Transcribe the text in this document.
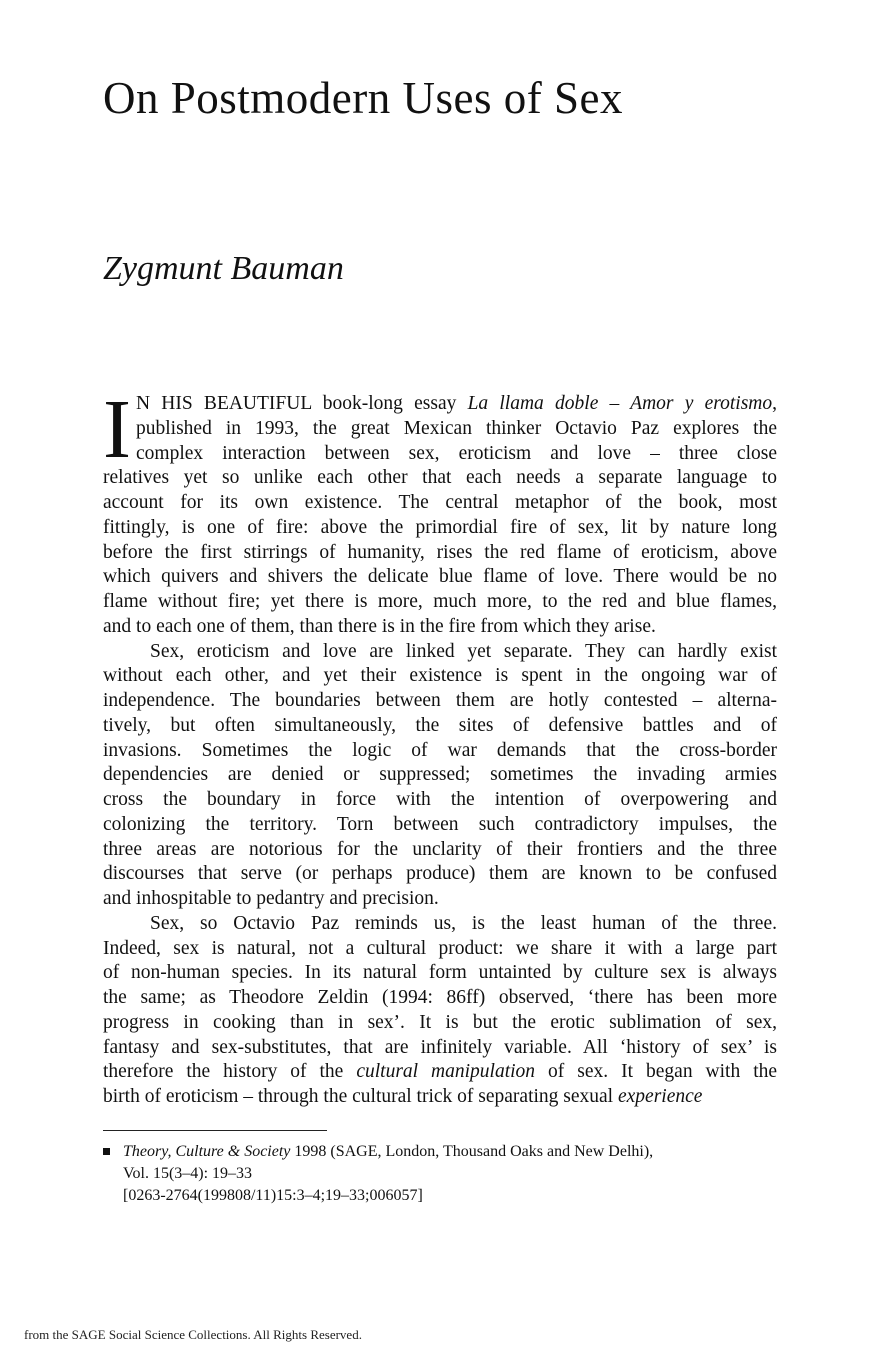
On Postmodern Uses of Sex
Zygmunt Bauman
I N HIS BEAUTIFUL book-long essay La llama doble – Amor y erotismo,
published in 1993, the great Mexican thinker Octavio Paz explores the
complex interaction between sex, eroticism and love – three close
relatives yet so unlike each other that each needs a separate language to
account for its own existence. The central metaphor of the book, most
fittingly, is one of fire: above the primordial fire of sex, lit by nature long
before the first stirrings of humanity, rises the red flame of eroticism, above
which quivers and shivers the delicate blue flame of love. There would be no
flame without fire; yet there is more, much more, to the red and blue flames,
and to each one of them, than there is in the fire from which they arise.
Sex, eroticism and love are linked yet separate. They can hardly exist
without each other, and yet their existence is spent in the ongoing war of
independence. The boundaries between them are hotly contested – alterna-
tively, but often simultaneously, the sites of defensive battles and of
invasions. Sometimes the logic of war demands that the cross-border
dependencies are denied or suppressed; sometimes the invading armies
cross the boundary in force with the intention of overpowering and
colonizing the territory. Torn between such contradictory impulses, the
three areas are notorious for the unclarity of their frontiers and the three
discourses that serve (or perhaps produce) them are known to be confused
and inhospitable to pedantry and precision.
Sex, so Octavio Paz reminds us, is the least human of the three.
Indeed, sex is natural, not a cultural product: we share it with a large part
of non-human species. In its natural form untainted by culture sex is always
the same; as Theodore Zeldin (1994: 86ff) observed, ‘there has been more
progress in cooking than in sex’. It is but the erotic sublimation of sex,
fantasy and sex-substitutes, that are infinitely variable. All ‘history of sex’ is
therefore the history of the cultural manipulation of sex. It began with the
birth of eroticism – through the cultural trick of separating sexual experience
Theory, Culture & Society 1998 (SAGE, London, Thousand Oaks and New Delhi),
Vol. 15(3–4): 19–33
[0263-2764(199808/11)15:3–4;19–33;006057]
from the SAGE Social Science Collections. All Rights Reserved.
